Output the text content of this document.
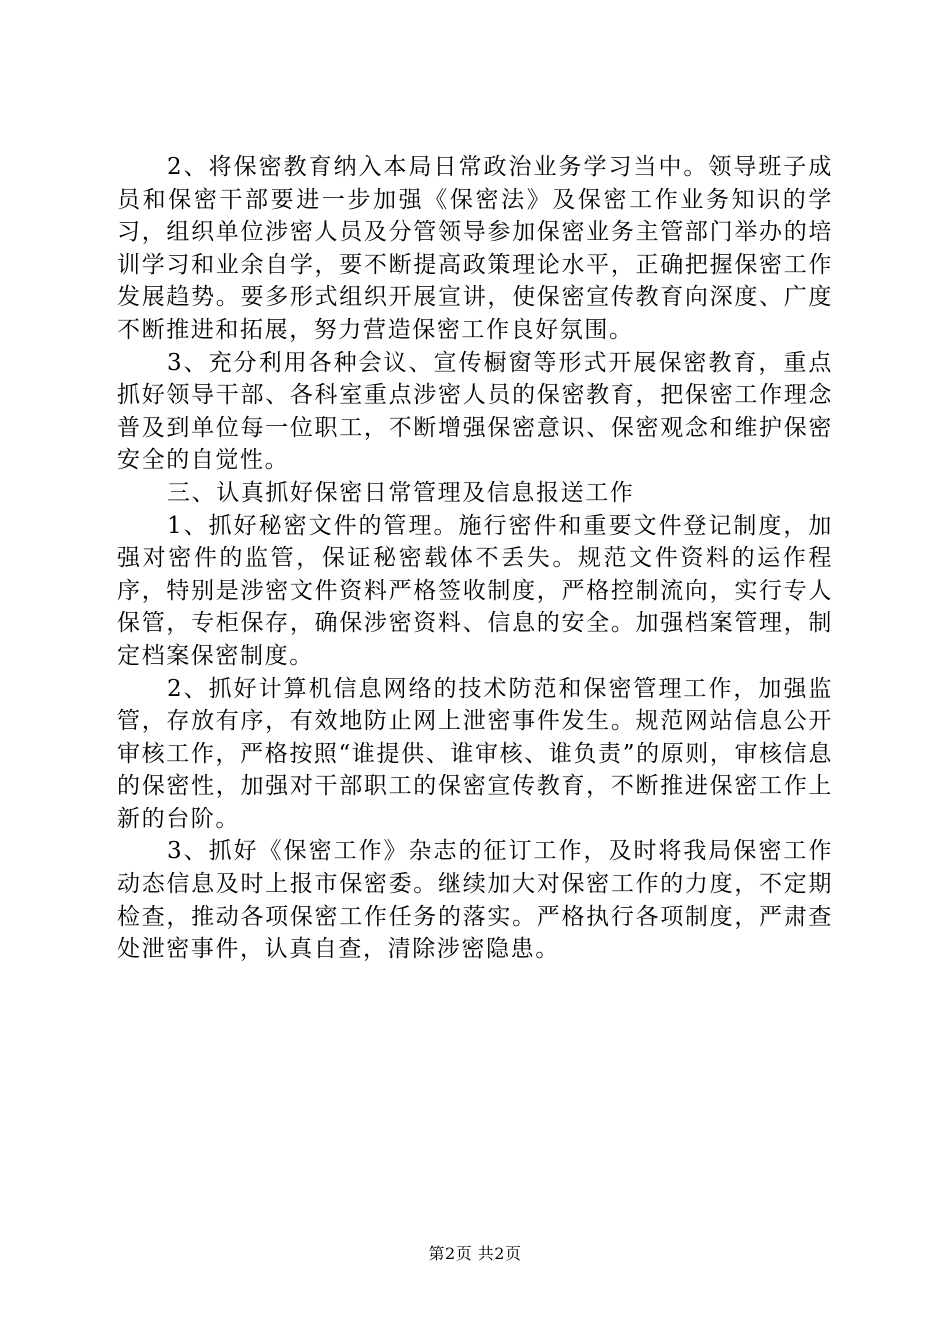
2、将保密教育纳入本局日常政治业务学习当中。领导班子成员和保密干部要进一步加强《保密法》及保密工作业务知识的学习，组织单位涉密人员及分管领导参加保密业务主管部门举办的培训学习和业余自学，要不断提高政策理论水平，正确把握保密工作发展趋势。要多形式组织开展宣讲，使保密宣传教育向深度、广度不断推进和拓展，努力营造保密工作良好氛围。

3、充分利用各种会议、宣传橱窗等形式开展保密教育，重点抓好领导干部、各科室重点涉密人员的保密教育，把保密工作理念普及到单位每一位职工，不断增强保密意识、保密观念和维护保密安全的自觉性。

三、认真抓好保密日常管理及信息报送工作

1、抓好秘密文件的管理。施行密件和重要文件登记制度，加强对密件的监管，保证秘密载体不丢失。规范文件资料的运作程序，特别是涉密文件资料严格签收制度，严格控制流向，实行专人保管，专柜保存，确保涉密资料、信息的安全。加强档案管理，制定档案保密制度。

2、抓好计算机信息网络的技术防范和保密管理工作，加强监管，存放有序，有效地防止网上泄密事件发生。规范网站信息公开审核工作，严格按照“谁提供、谁审核、谁负责”的原则，审核信息的保密性，加强对干部职工的保密宣传教育，不断推进保密工作上新的台阶。

3、抓好《保密工作》杂志的征订工作，及时将我局保密工作动态信息及时上报市保密委。继续加大对保密工作的力度，不定期检查，推动各项保密工作任务的落实。严格执行各项制度，严肃查处泄密事件，认真自查，清除涉密隐患。

第2页 共2页
